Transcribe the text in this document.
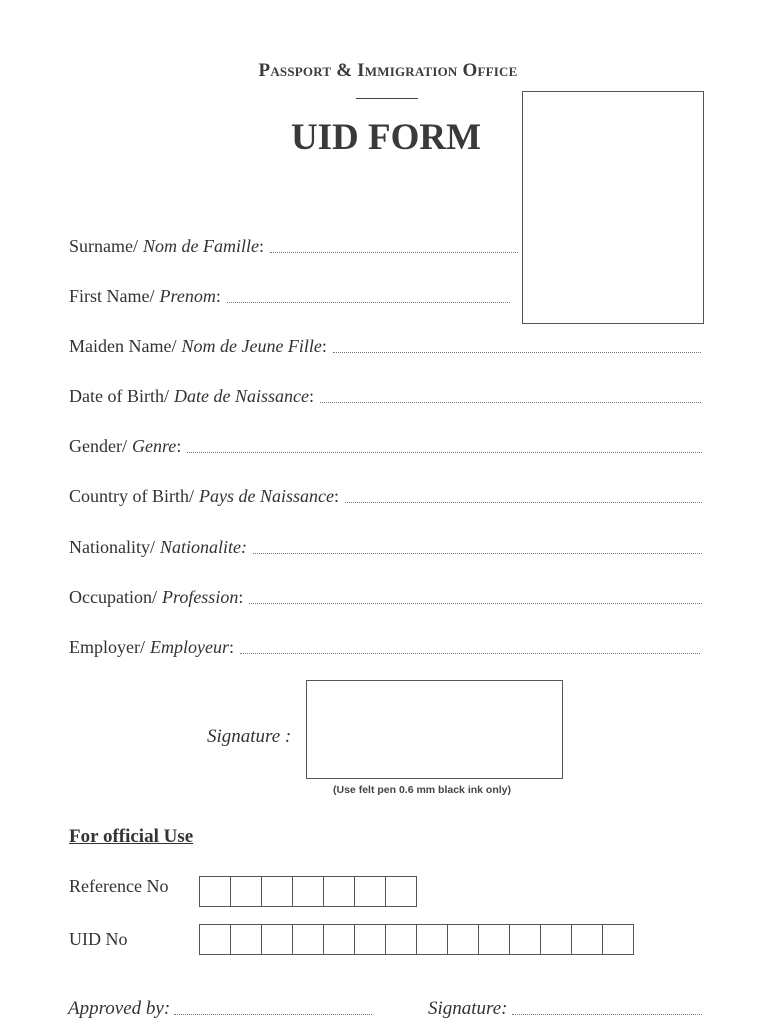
Passport & Immigration Office
UID FORM
Surname/ Nom de Famille :
First Name/ Prenom :
Maiden Name/ Nom de Jeune Fille :
Date of Birth/ Date de Naissance :
Gender/ Genre :
Country of Birth/ Pays de Naissance :
Nationality/ Nationalite:
Occupation/ Profession :
Employer/ Employeur :
Signature :
(Use felt pen 0.6 mm black ink only)
For official Use
Reference No
UID No
Approved by:	Signature:
